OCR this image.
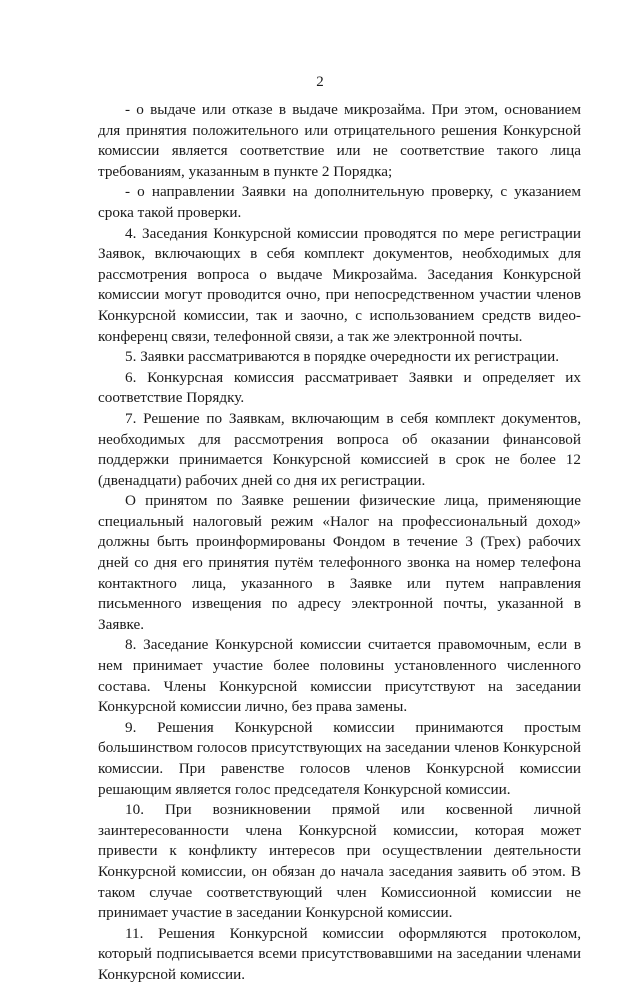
2

- о выдаче или отказе в выдаче микрозайма. При этом, основанием для принятия положительного или отрицательного решения Конкурсной комиссии является соответствие или не соответствие такого лица требованиям, указанным в пункте 2 Порядка;

- о направлении Заявки на дополнительную проверку, с указанием срока такой проверки.

4. Заседания Конкурсной комиссии проводятся по мере регистрации Заявок, включающих в себя комплект документов, необходимых для рассмотрения вопроса о выдаче Микрозайма. Заседания Конкурсной комиссии могут проводится очно, при непосредственном участии членов Конкурсной комиссии, так и заочно, с использованием средств видео-конференц связи, телефонной связи, а так же электронной почты.

5. Заявки рассматриваются в порядке очередности их регистрации.

6. Конкурсная комиссия рассматривает Заявки и определяет их соответствие Порядку.

7. Решение по Заявкам, включающим в себя комплект документов, необходимых для рассмотрения вопроса об оказании финансовой поддержки принимается Конкурсной комиссией в срок не более 12 (двенадцати) рабочих дней со дня их регистрации.

О принятом по Заявке решении физические лица, применяющие специальный налоговый режим «Налог на профессиональный доход» должны быть проинформированы Фондом в течение 3 (Трех) рабочих дней со дня его принятия путём телефонного звонка на номер телефона контактного лица, указанного в Заявке или путем направления письменного извещения по адресу электронной почты, указанной в Заявке.

8. Заседание Конкурсной комиссии считается правомочным, если в нем принимает участие более половины установленного численного состава. Члены Конкурсной комиссии присутствуют на заседании Конкурсной комиссии лично, без права замены.

9. Решения Конкурсной комиссии принимаются простым большинством голосов присутствующих на заседании членов Конкурсной комиссии. При равенстве голосов членов Конкурсной комиссии решающим является голос председателя Конкурсной комиссии.

10. При возникновении прямой или косвенной личной заинтересованности члена Конкурсной комиссии, которая может привести к конфликту интересов при осуществлении деятельности Конкурсной комиссии, он обязан до начала заседания заявить об этом. В таком случае соответствующий член Комиссионной комиссии не принимает участие в заседании Конкурсной комиссии.

11. Решения Конкурсной комиссии оформляются протоколом, который подписывается всеми присутствовавшими на заседании членами Конкурсной комиссии.
